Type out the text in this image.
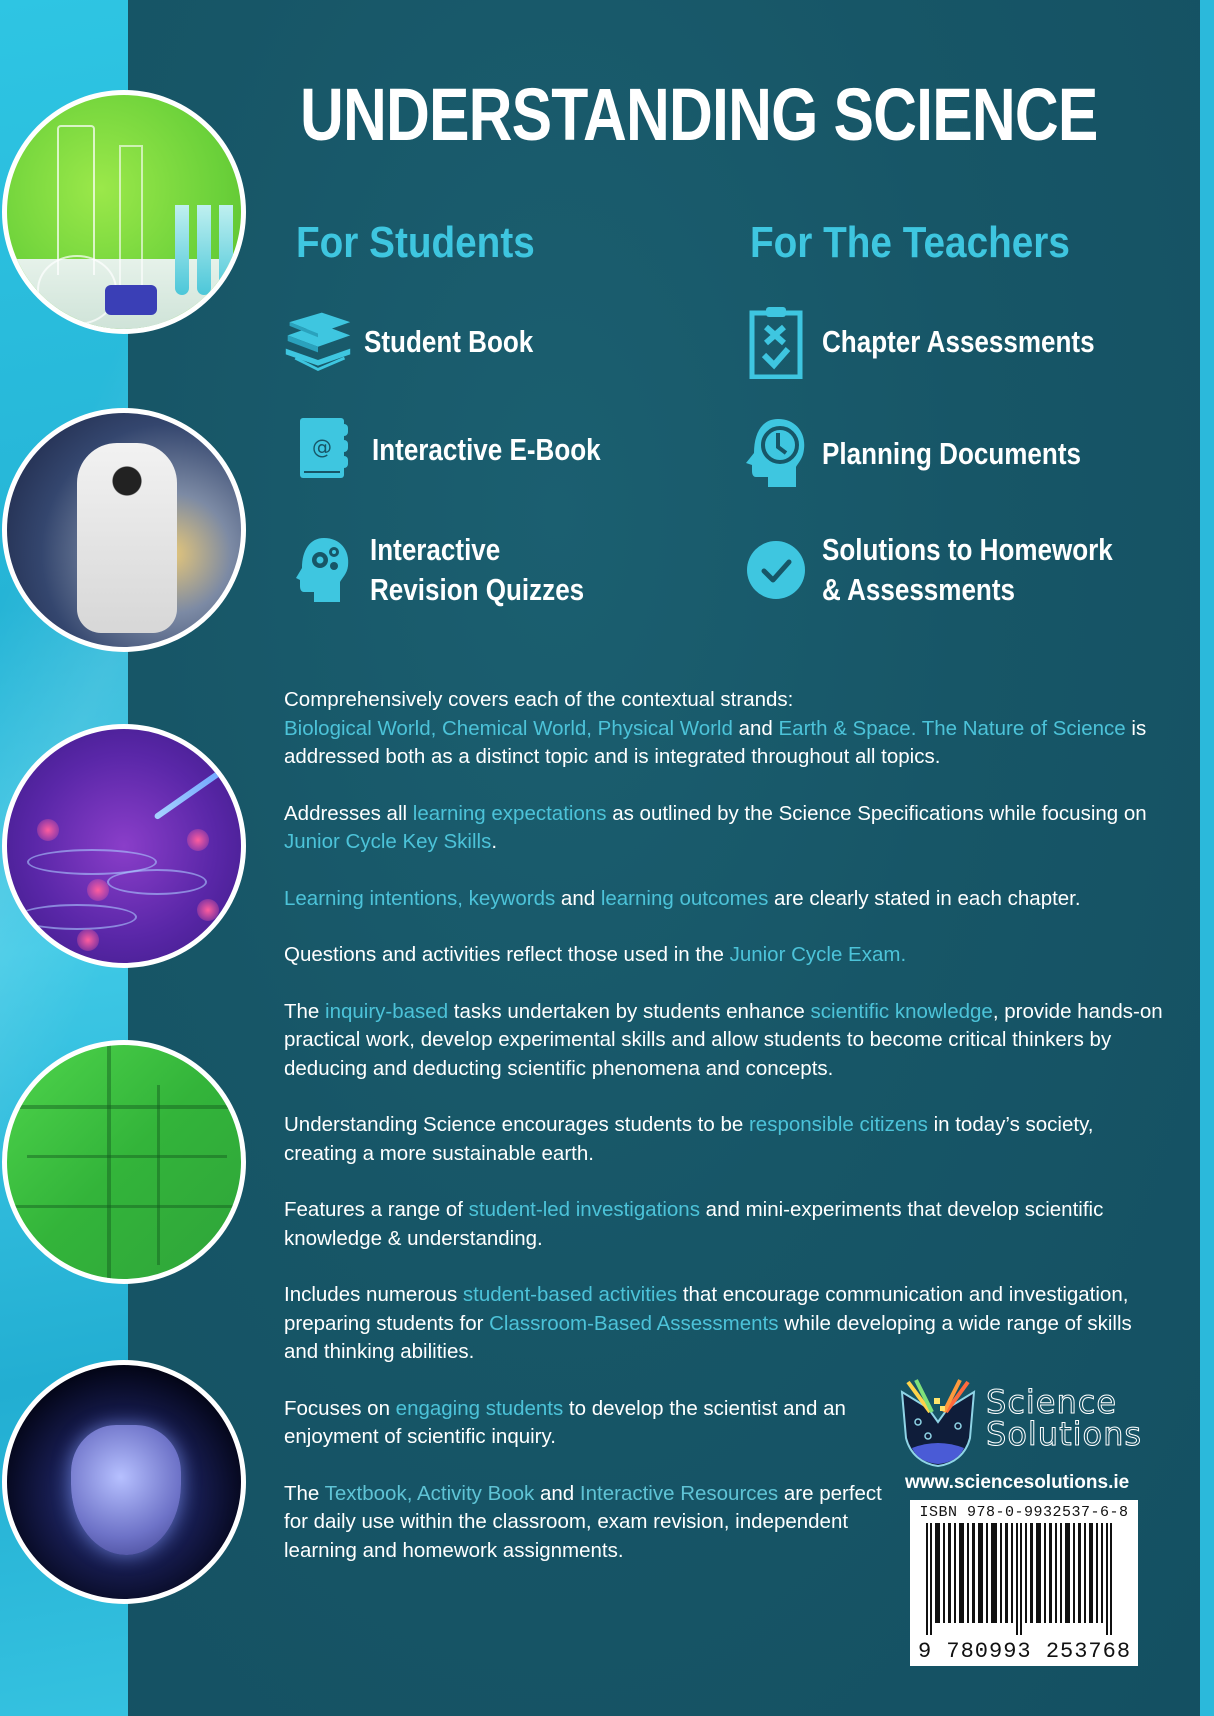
UNDERSTANDING SCIENCE
For Students	For The Teachers
Student Book
@ Interactive E-Book
Interactive
Revision Quizzes
Chapter Assessments
Planning Documents
Solutions to Homework
& Assessments

Comprehensively covers each of the contextual strands:
Biological World, Chemical World, Physical World and Earth & Space. The Nature of Science is addressed both as a distinct topic and is integrated throughout all topics.

Addresses all learning expectations as outlined by the Science Specifications while focusing on Junior Cycle Key Skills.

Learning intentions, keywords and learning outcomes are clearly stated in each chapter.

Questions and activities reflect those used in the Junior Cycle Exam.

The inquiry-based tasks undertaken by students enhance scientific knowledge, provide hands-on practical work, develop experimental skills and allow students to become critical thinkers by deducing and deducting scientific phenomena and concepts.

Understanding Science encourages students to be responsible citizens in today’s society, creating a more sustainable earth.

Features a range of student-led investigations and mini-experiments that develop scientific knowledge & understanding.

Includes numerous student-based activities that encourage communication and investigation, preparing students for Classroom-Based Assessments while developing a wide range of skills and thinking abilities.

Focuses on engaging students to develop the scientist and an enjoyment of scientific inquiry.

The Textbook, Activity Book and Interactive Resources are perfect for daily use within the classroom, exam revision, independent learning and homework assignments.

Science
Solutions
www.sciencesolutions.ie
ISBN 978-0-9932537-6-8
9 780993 253768
